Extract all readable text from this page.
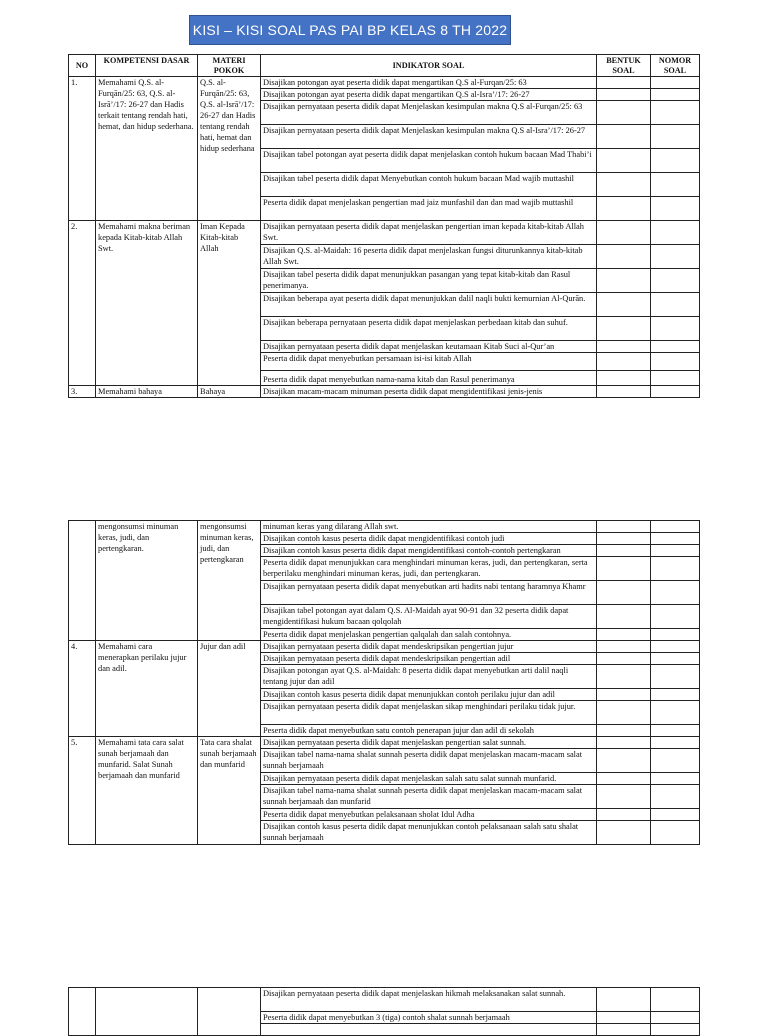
KISI – KISI SOAL PAS PAI BP KELAS 8 TH 2022
NO	KOMPETENSI DASAR	MATERI POKOK	INDIKATOR SOAL	BENTUK SOAL	NOMOR SOAL
1.	Memahami Q.S. al-Furqān/25: 63, Q.S. al-Isrā’/17: 26-27 dan Hadis terkait tentang rendah hati, hemat, dan hidup sederhana.	Q.S. al-Furqān/25: 63, Q.S. al-Isrā’/17: 26-27 dan Hadis tentang rendah hati, hemat dan hidup sederhana	Disajikan potongan ayat peserta didik dapat mengartikan Q.S al-Furqan/25: 63		
			Disajikan potongan ayat peserta didik dapat mengartikan Q.S al-Isra’/17: 26-27		
			Disajikan pernyataan peserta didik dapat Menjelaskan kesimpulan makna Q.S al-Furqan/25: 63		
			Disajikan pernyataan peserta didik dapat Menjelaskan kesimpulan makna Q.S al-Isra’/17: 26-27		
			Disajikan tabel potongan ayat peserta didik dapat menjelaskan contoh hukum bacaan Mad Thabi’i		
			Disajikan tabel peserta didik dapat Menyebutkan contoh hukum bacaan Mad wajib muttashil		
			Peserta didik dapat menjelaskan pengertian mad jaiz munfashil dan dan mad wajib muttashil		
2.	Memahami makna beriman kepada Kitab-kitab Allah Swt.	Iman Kepada Kitab-kitab Allah	Disajikan pernyataan peserta didik dapat menjelaskan pengertian iman kepada kitab-kitab Allah Swt.		
			Disajikan Q.S. al-Maidah: 16 peserta didik dapat menjelaskan fungsi diturunkannya kitab-kitab Allah Swt.		
			Disajikan tabel peserta didik dapat menunjukkan pasangan yang tepat kitab-kitab dan Rasul penerimanya.		
			Disajikan beberapa ayat peserta didik dapat menunjukkan dalil naqli bukti kemurnian Al-Qurān.		
			Disajikan beberapa pernyataan peserta didik dapat menjelaskan perbedaan kitab dan suhuf.		
			Disajikan pernyataan peserta didik dapat menjelaskan keutamaan Kitab Suci al-Qur’an		
			Peserta didik dapat menyebutkan persamaan isi-isi kitab Allah		
			Peserta didik dapat menyebutkan nama-nama kitab dan Rasul penerimanya		
3.	Memahami bahaya	Bahaya	Disajikan macam-macam minuman peserta didik dapat mengidentifikasi jenis-jenis		
	mengonsumsi minuman keras, judi, dan pertengkaran.	mengonsumsi minuman keras, judi, dan pertengkaran	minuman keras yang dilarang Allah swt.		
			Disajikan contoh kasus peserta didik dapat mengidentifikasi contoh judi		
			Disajikan contoh kasus peserta didik dapat mengidentifikasi contoh-contoh pertengkaran		
			Peserta didik dapat menunjukkan cara menghindari minuman keras, judi, dan pertengkaran, serta berperilaku menghindari minuman keras, judi, dan pertengkaran.		
			Disajikan pernyataan peserta didik dapat menyebutkan arti hadits nabi tentang haramnya Khamr		
			Disajikan tabel potongan ayat dalam Q.S. Al-Maidah ayat 90-91 dan 32 peserta didik dapat mengidentifikasi hukum bacaan qolqolah		
			Peserta didik dapat menjelaskan pengertian qalqalah dan salah contohnya.		
4.	Memahami cara menerapkan perilaku jujur dan adil.	Jujur dan adil	Disajikan pernyataan peserta didik dapat mendeskripsikan pengertian jujur		
			Disajikan pernyataan peserta didik dapat mendeskripsikan pengertian adil		
			Disajikan potongan ayat Q.S. al-Maidah: 8 peserta didik dapat menyebutkan arti dalil naqli tentang jujur dan adil		
			Disajikan contoh kasus peserta didik dapat menunjukkan contoh perilaku jujur dan adil		
			Disajikan pernyataan peserta didik dapat menjelaskan sikap menghindari perilaku tidak jujur.		
			Peserta didik dapat menyebutkan satu contoh penerapan jujur dan adil di sekolah		
5.	Memahami tata cara salat sunah berjamaah dan munfarid. Salat Sunah berjamaah dan munfarid	Tata cara shalat sunah berjamaah dan munfarid	Disajikan pernyataan peserta didik dapat menjelaskan pengertian salat sunnah.		
			Disajikan tabel nama-nama shalat sunnah peserta didik dapat menjelaskan macam-macam salat sunnah berjamaah		
			Disajikan pernyataan peserta didik dapat menjelaskan salah satu salat sunnah munfarid.		
			Disajikan tabel nama-nama shalat sunnah peserta didik dapat menjelaskan macam-macam salat sunnah berjamaah dan munfarid		
			Peserta didik dapat menyebutkan pelaksanaan sholat Idul Adha		
			Disajikan contoh kasus peserta didik dapat menunjukkan contoh pelaksanaan salah satu shalat sunnah berjamaah		
			Disajikan pernyataan peserta didik dapat menjelaskan hikmah melaksanakan salat sunnah.		
			Peserta didik dapat menyebutkan 3 (tiga) contoh shalat sunnah berjamaah		
